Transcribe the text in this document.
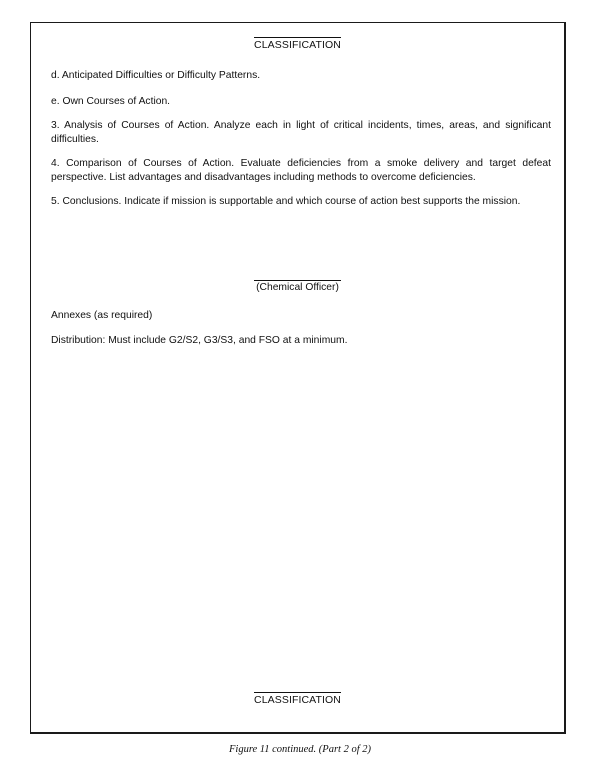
CLASSIFICATION
d. Anticipated Difficulties or Difficulty Patterns.
e. Own Courses of Action.
3. Analysis of Courses of Action. Analyze each in light of critical incidents, times, areas, and significant difficulties.
4. Comparison of Courses of Action. Evaluate deficiencies from a smoke delivery and target defeat perspective. List advantages and disadvantages including methods to overcome deficiencies.
5. Conclusions. Indicate if mission is supportable and which course of action best supports the mission.
(Chemical Officer)
Annexes (as required)
Distribution: Must include G2/S2, G3/S3, and FSO at a minimum.
CLASSIFICATION
Figure 11 continued. (Part 2 of 2)
